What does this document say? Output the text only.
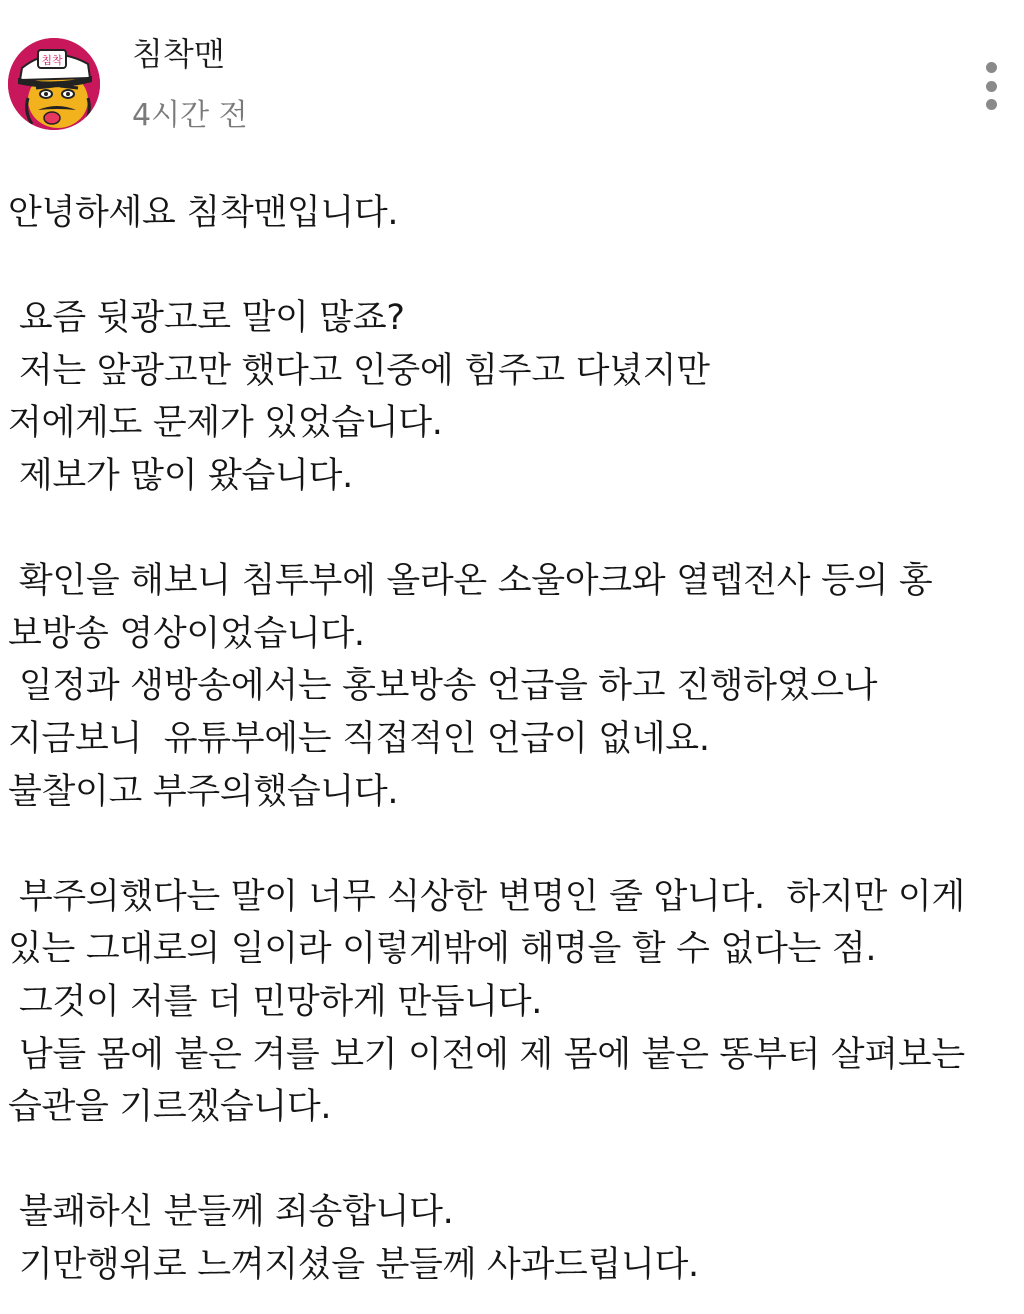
침착 침착맨
4시간 전
안녕하세요 침착맨입니다.
요즘 뒷광고로 말이 많죠?
저는 앞광고만 했다고 인중에 힘주고 다녔지만
저에게도 문제가 있었습니다.
제보가 많이 왔습니다.
확인을 해보니 침투부에 올라온 소울아크와 열렙전사 등의 홍
보방송 영상이었습니다.
일정과 생방송에서는 홍보방송 언급을 하고 진행하였으나
지금보니  유튜부에는 직접적인 언급이 없네요.
불찰이고 부주의했습니다.
부주의했다는 말이 너무 식상한 변명인 줄 압니다.  하지만 이게
있는 그대로의 일이라 이렇게밖에 해명을 할 수 없다는 점.
그것이 저를 더 민망하게 만듭니다.
남들 몸에 붙은 겨를 보기 이전에 제 몸에 붙은 똥부터 살펴보는
습관을 기르겠습니다.
불쾌하신 분들께 죄송합니다.
기만행위로 느껴지셨을 분들께 사과드립니다.
